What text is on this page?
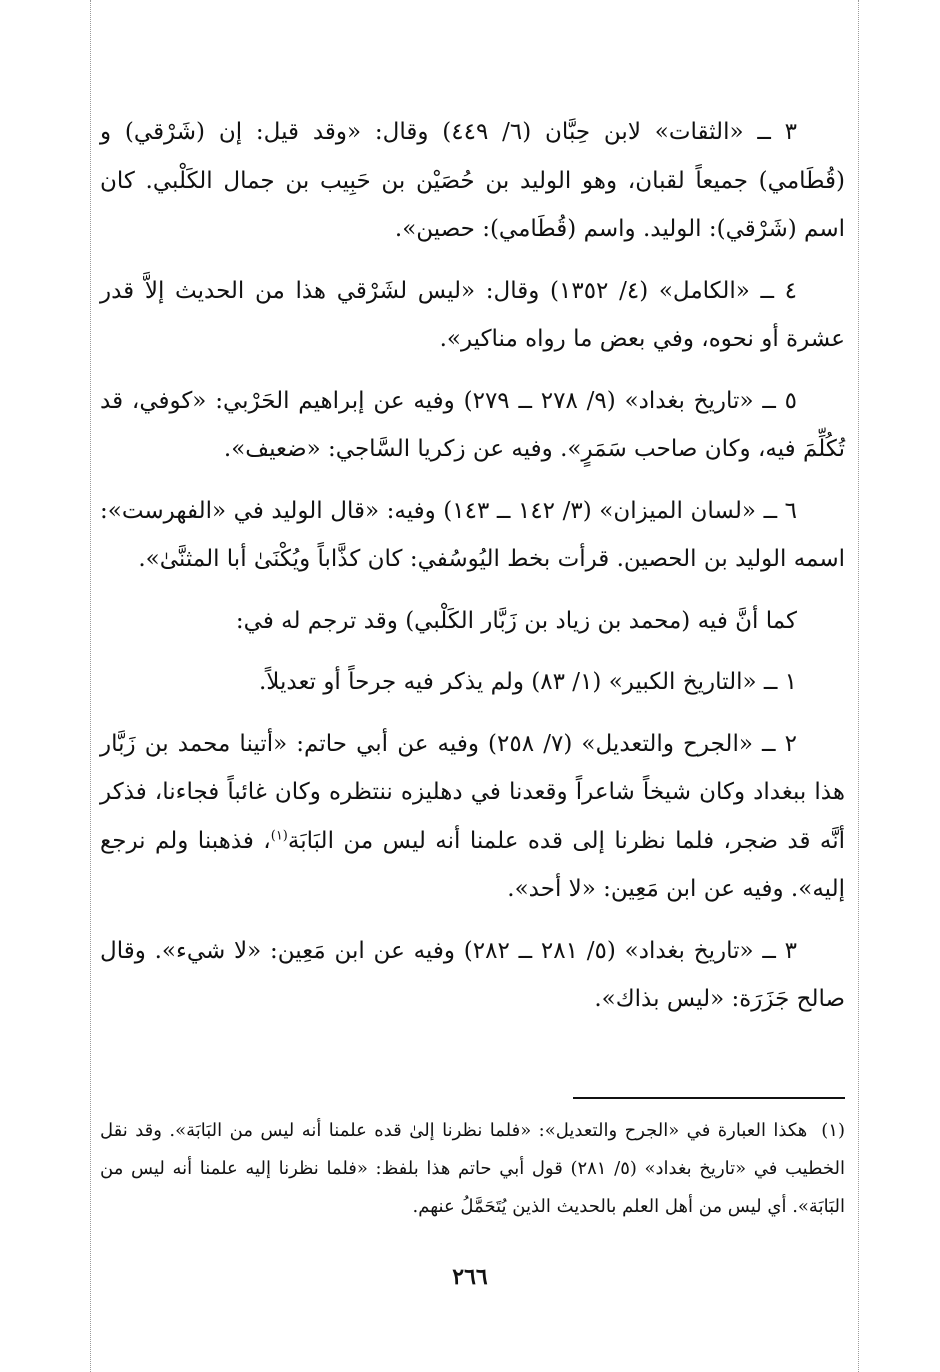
٣ ــ «الثقات» لابن حِبَّان (٦/ ٤٤٩) وقال: «وقد قيل: إن (شَرْقي) و (قُطَامي) جميعاً لقبان، وهو الوليد بن حُصَيْن بن حَبِيب بن جمال الكَلْبي. كان اسم (شَرْقي): الوليد. واسم (قُطَامي): حصين».

٤ ــ «الكامل» (٤/ ١٣٥٢) وقال: «ليس لشَرْقي هذا من الحديث إلاَّ قدر عشرة أو نحوه، وفي بعض ما رواه مناكير».

٥ ــ «تاريخ بغداد» (٩/ ٢٧٨ ــ ٢٧٩) وفيه عن إبراهيم الحَرْبي: «كوفي، قد تُكُلِّمَ فيه، وكان صاحب سَمَرٍ». وفيه عن زكريا السَّاجي: «ضعيف».

٦ ــ «لسان الميزان» (٣/ ١٤٢ ــ ١٤٣) وفيه: «قال الوليد في «الفهرست»: اسمه الوليد بن الحصين. قرأت بخط اليُوسُفي: كان كذَّاباً ويُكْنَىٰ أبا المثنَّىٰ».

كما أنَّ فيه (محمد بن زياد بن زَبَّار الكَلْبي) وقد ترجم له في:

١ ــ «التاريخ الكبير» (١/ ٨٣) ولم يذكر فيه جرحاً أو تعديلاً.

٢ ــ «الجرح والتعديل» (٧/ ٢٥٨) وفيه عن أبي حاتم: «أتينا محمد بن زَبَّار هذا ببغداد وكان شيخاً شاعراً وقعدنا في دهليزه ننتظره وكان غائباً فجاءنا، فذكر أنَّه قد ضجر، فلما نظرنا إلى قده علمنا أنه ليس من البَابَة$^{(١)}$، فذهبنا ولم نرجع إليه». وفيه عن ابن مَعِين: «لا أحد».

٣ ــ «تاريخ بغداد» (٥/ ٢٨١ ــ ٢٨٢) وفيه عن ابن مَعِين: «لا شيء». وقال صالح جَزَرَة: «ليس بذاك».

(١)هكذا العبارة في «الجرح والتعديل»: «فلما نظرنا إلىٰ قده علمنا أنه ليس من البَابَة». وقد نقل الخطيب في «تاريخ بغداد» (٥/ ٢٨١) قول أبي حاتم هذا بلفظ: «فلما نظرنا إليه علمنا أنه ليس من البَابَة». أي ليس من أهل العلم بالحديث الذين يُتَحَمَّلُ عنهم.

٢٦٦
